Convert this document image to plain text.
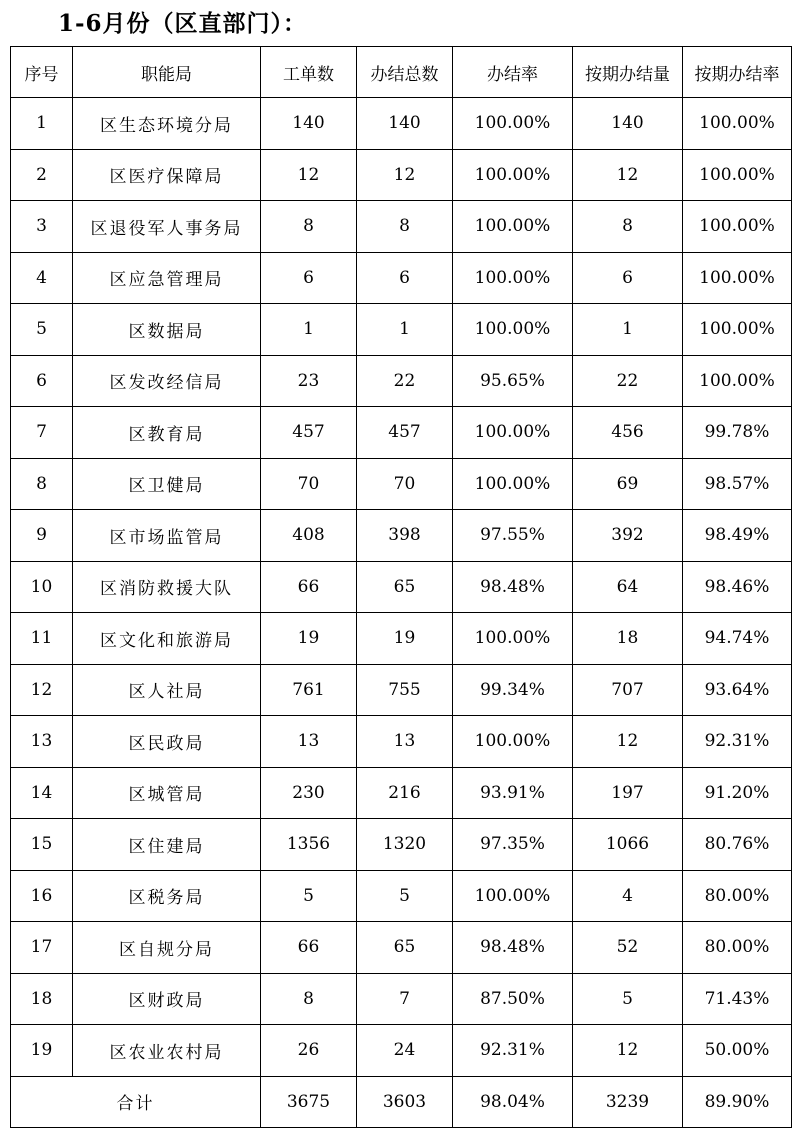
1-6月份（区直部门）：
序号	职能局	工单数	办结总数	办结率	按期办结量	按期办结率
1	区生态环境分局	140	140	100.00%	140	100.00%
2	区医疗保障局	12	12	100.00%	12	100.00%
3	区退役军人事务局	8	8	100.00%	8	100.00%
4	区应急管理局	6	6	100.00%	6	100.00%
5	区数据局	1	1	100.00%	1	100.00%
6	区发改经信局	23	22	95.65%	22	100.00%
7	区教育局	457	457	100.00%	456	99.78%
8	区卫健局	70	70	100.00%	69	98.57%
9	区市场监管局	408	398	97.55%	392	98.49%
10	区消防救援大队	66	65	98.48%	64	98.46%
11	区文化和旅游局	19	19	100.00%	18	94.74%
12	区人社局	761	755	99.34%	707	93.64%
13	区民政局	13	13	100.00%	12	92.31%
14	区城管局	230	216	93.91%	197	91.20%
15	区住建局	1356	1320	97.35%	1066	80.76%
16	区税务局	5	5	100.00%	4	80.00%
17	区自规分局	66	65	98.48%	52	80.00%
18	区财政局	8	7	87.50%	5	71.43%
19	区农业农村局	26	24	92.31%	12	50.00%
合计		3675	3603	98.04%	3239	89.90%
